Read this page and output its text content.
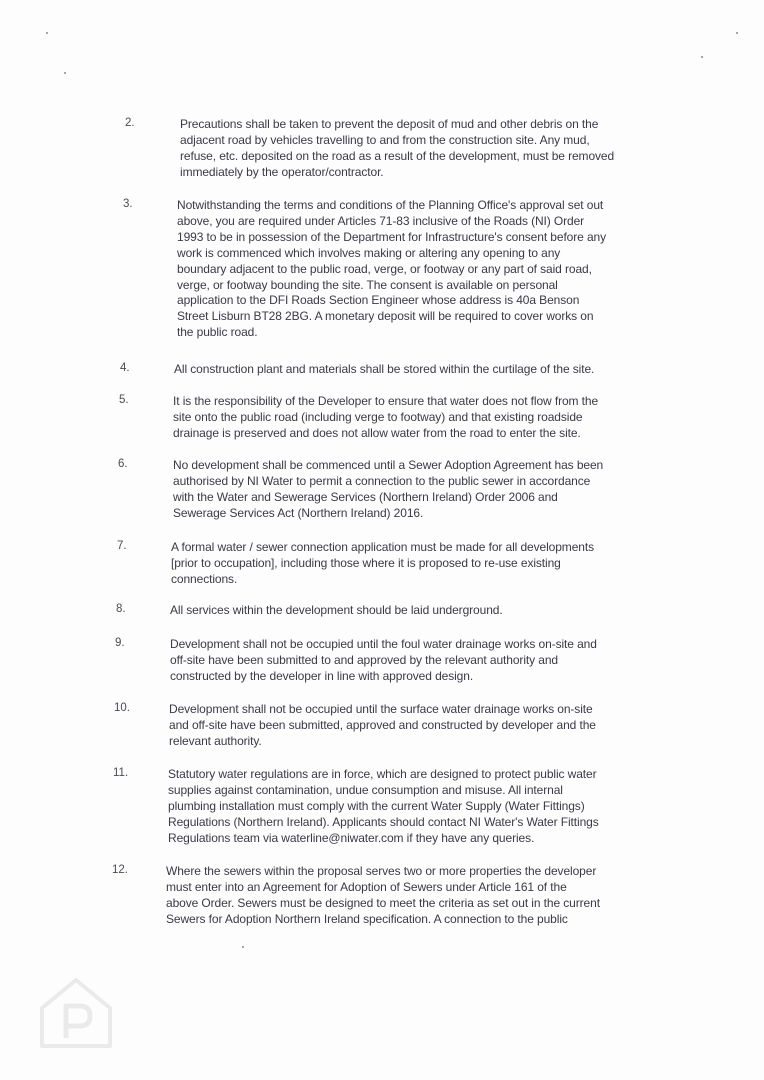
2.	Precautions shall be taken to prevent the deposit of mud and other debris on the
adjacent road by vehicles travelling to and from the construction site. Any mud,
refuse, etc. deposited on the road as a result of the development, must be removed
immediately by the operator/contractor.
3.	Notwithstanding the terms and conditions of the Planning Office's approval set out
above, you are required under Articles 71-83 inclusive of the Roads (NI) Order
1993 to be in possession of the Department for Infrastructure's consent before any
work is commenced which involves making or altering any opening to any
boundary adjacent to the public road, verge, or footway or any part of said road,
verge, or footway bounding the site. The consent is available on personal
application to the DFI Roads Section Engineer whose address is 40a Benson
Street Lisburn BT28 2BG. A monetary deposit will be required to cover works on
the public road.
4.	All construction plant and materials shall be stored within the curtilage of the site.
5.	It is the responsibility of the Developer to ensure that water does not flow from the
site onto the public road (including verge to footway) and that existing roadside
drainage is preserved and does not allow water from the road to enter the site.
6.	No development shall be commenced until a Sewer Adoption Agreement has been
authorised by NI Water to permit a connection to the public sewer in accordance
with the Water and Sewerage Services (Northern Ireland) Order 2006 and
Sewerage Services Act (Northern Ireland) 2016.
7.	A formal water / sewer connection application must be made for all developments
[prior to occupation], including those where it is proposed to re-use existing
connections.
8.	All services within the development should be laid underground.
9.	Development shall not be occupied until the foul water drainage works on-site and
off-site have been submitted to and approved by the relevant authority and
constructed by the developer in line with approved design.
10.	Development shall not be occupied until the surface water drainage works on-site
and off-site have been submitted, approved and constructed by developer and the
relevant authority.
11.	Statutory water regulations are in force, which are designed to protect public water
supplies against contamination, undue consumption and misuse. All internal
plumbing installation must comply with the current Water Supply (Water Fittings)
Regulations (Northern Ireland). Applicants should contact NI Water's Water Fittings
Regulations team via waterline@niwater.com if they have any queries.
12.	Where the sewers within the proposal serves two or more properties the developer
must enter into an Agreement for Adoption of Sewers under Article 161 of the
above Order. Sewers must be designed to meet the criteria as set out in the current
Sewers for Adoption Northern Ireland specification. A connection to the public
